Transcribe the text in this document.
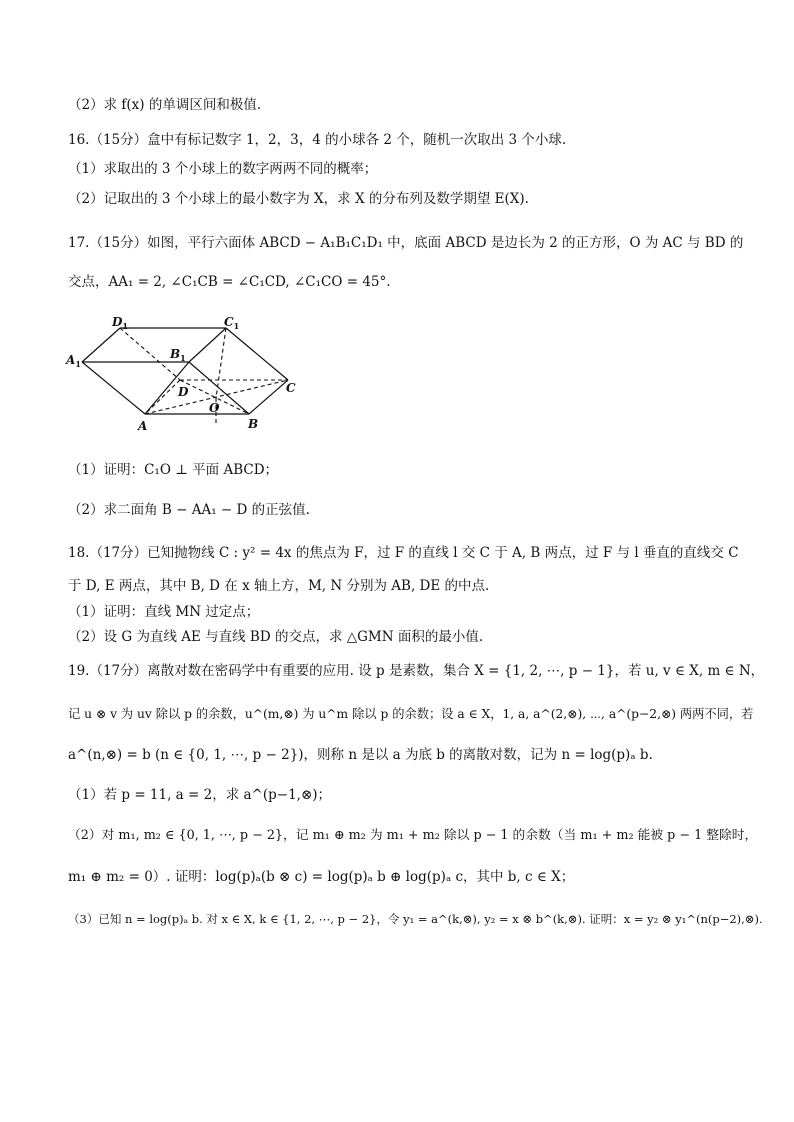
（2）求 f(x) 的单调区间和极值.
16.（15分）盒中有标记数字 1，2，3，4 的小球各 2 个，随机一次取出 3 个小球.
（1）求取出的 3 个小球上的数字两两不同的概率；
（2）记取出的 3 个小球上的最小数字为 X，求 X 的分布列及数学期望 E(X).
17.（15分）如图，平行六面体 ABCD − A₁B₁C₁D₁ 中，底面 ABCD 是边长为 2 的正方形，O 为 AC 与 BD 的
交点，AA₁ = 2, ∠C₁CB = ∠C₁CD, ∠C₁CO = 45°.
$D_1$	$C_1$
$A_1$
$B_1$
D
O
C
A	B
（1）证明：C₁O ⊥ 平面 ABCD；
（2）求二面角 B − AA₁ − D 的正弦值.
18.（17分）已知抛物线 C : y² = 4x 的焦点为 F，过 F 的直线 l 交 C 于 A, B 两点，过 F 与 l 垂直的直线交 C
于 D, E 两点，其中 B, D 在 x 轴上方，M, N 分别为 AB, DE 的中点.
（1）证明：直线 MN 过定点；
（2）设 G 为直线 AE 与直线 BD 的交点，求 △GMN 面积的最小值.
19.（17分）离散对数在密码学中有重要的应用. 设 p 是素数，集合 X = {1, 2, ⋯, p − 1}，若 u, v ∈ X, m ∈ N，
记 u ⊗ v 为 uv 除以 p 的余数，u^(m,⊗) 为 u^m 除以 p 的余数；设 a ∈ X，1, a, a^(2,⊗), ⋯, a^(p−2,⊗) 两两不同，若
a^(n,⊗) = b (n ∈ {0, 1, ⋯, p − 2})，则称 n 是以 a 为底 b 的离散对数，记为 n = log(p)ₐ b.
（1）若 p = 11, a = 2，求 a^(p−1,⊗)；
（2）对 m₁, m₂ ∈ {0, 1, ⋯, p − 2}，记 m₁ ⊕ m₂ 为 m₁ + m₂ 除以 p − 1 的余数（当 m₁ + m₂ 能被 p − 1 整除时，
m₁ ⊕ m₂ = 0）. 证明：log(p)ₐ(b ⊗ c) = log(p)ₐ b ⊕ log(p)ₐ c，其中 b, c ∈ X；
（3）已知 n = log(p)ₐ b. 对 x ∈ X, k ∈ {1, 2, ⋯, p − 2}，令 y₁ = a^(k,⊗), y₂ = x ⊗ b^(k,⊗). 证明：x = y₂ ⊗ y₁^(n(p−2),⊗).
